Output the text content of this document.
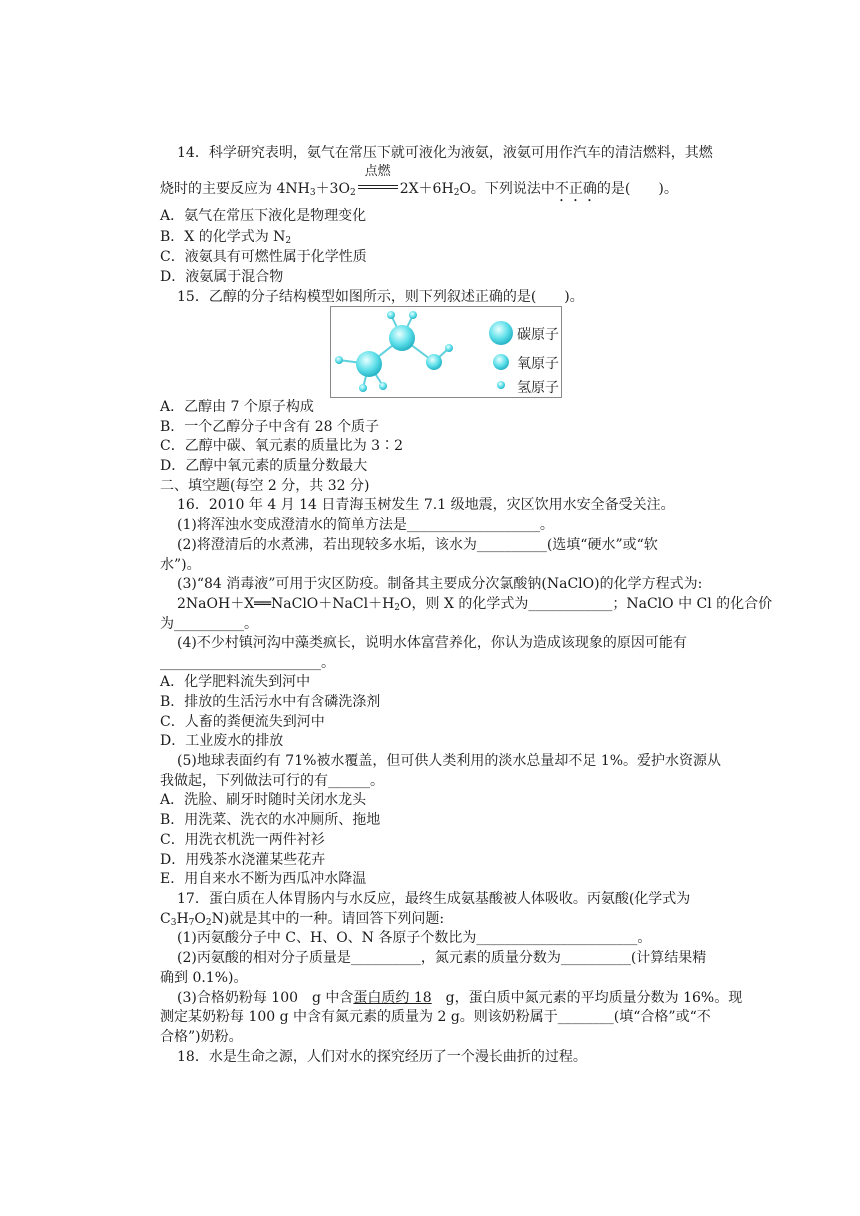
14．科学研究表明，氨气在常压下就可液化为液氨，液氨可用作汽车的清洁燃料，其燃
烧时的主要反应为 $4NH_3+3O_2$
点燃
$2X+6H_2O$。下列说法中不正确的是(　　)。
A．氨气在常压下液化是物理变化
B．X 的化学式为 $N_2$
C．液氨具有可燃性属于化学性质
D．液氨属于混合物
15．乙醇的分子结构模型如图所示，则下列叙述正确的是(　　)。
碳原子
氧原子
氢原子
A．乙醇由 7 个原子构成
B．一个乙醇分子中含有 28 个质子
C．乙醇中碳、氧元素的质量比为 3∶2
D．乙醇中氧元素的质量分数最大
二、填空题(每空 2 分，共 32 分)
16．2010 年 4 月 14 日青海玉树发生 7.1 级地震，灾区饮用水安全备受关注。
(1)将浑浊水变成澄清水的简单方法是___________________。
(2)将澄清后的水煮沸，若出现较多水垢，该水为__________(选填“硬水”或“软
水”)。
(3)“84 消毒液”可用于灾区防疫。制备其主要成分次氯酸钠(NaClO)的化学方程式为:
$2NaOH+X══NaClO+NaCl+H_2O$，则 X 的化学式为____________；NaClO 中 Cl 的化合价
为__________。
(4)不少村镇河沟中藻类疯长，说明水体富营养化，你认为造成该现象的原因可能有
_______________________。
A．化学肥料流失到河中
B．排放的生活污水中有含磷洗涤剂
C．人畜的粪便流失到河中
D．工业废水的排放
(5)地球表面约有 71%被水覆盖，但可供人类利用的淡水总量却不足 1%。爱护水资源从
我做起，下列做法可行的有______。
A．洗脸、刷牙时随时关闭水龙头
B．用洗菜、洗衣的水冲厕所、拖地
C．用洗衣机洗一两件衬衫
D．用残茶水浇灌某些花卉
E．用自来水不断为西瓜冲水降温
17．蛋白质在人体胃肠内与水反应，最终生成氨基酸被人体吸收。丙氨酸(化学式为
$C_3H_7O_2N$)就是其中的一种。请回答下列问题:
(1)丙氨酸分子中 C、H、O、N 各原子个数比为_______________________。
(2)丙氨酸的相对分子质量是__________，氮元素的质量分数为__________(计算结果精
确到 0.1%)。
(3)合格奶粉每 100　g 中含蛋白质约 18　g，蛋白质中氮元素的平均质量分数为 16%。现
测定某奶粉每 100 g 中含有氮元素的质量为 2 g。则该奶粉属于________(填“合格”或“不
合格”)奶粉。
18．水是生命之源，人们对水的探究经历了一个漫长曲折的过程。
